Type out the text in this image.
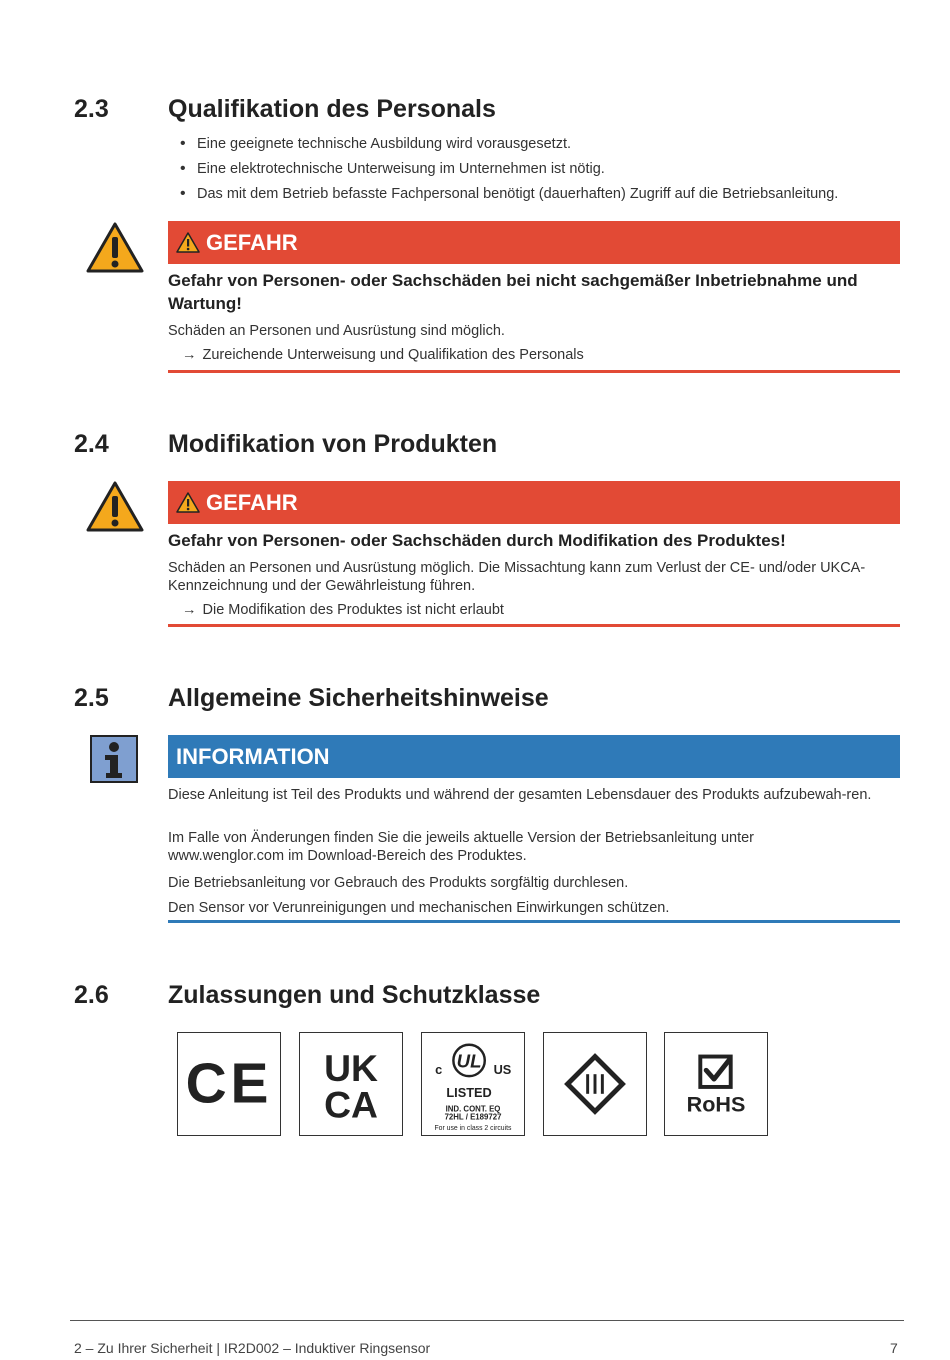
2.3 Qualifikation des Personals
• Eine geeignete technische Ausbildung wird vorausgesetzt.
• Eine elektrotechnische Unterweisung im Unternehmen ist nötig.
• Das mit dem Betrieb befasste Fachpersonal benötigt (dauerhaften) Zugriff auf die Betriebsanleitung.
GEFAHR
Gefahr von Personen- oder Sachschäden bei nicht sachgemäßer Inbetriebnahme und Wartung!
Schäden an Personen und Ausrüstung sind möglich.
→ Zureichende Unterweisung und Qualifikation des Personals
2.4 Modifikation von Produkten
GEFAHR
Gefahr von Personen- oder Sachschäden durch Modifikation des Produktes!
Schäden an Personen und Ausrüstung möglich. Die Missachtung kann zum Verlust der CE- und/oder UKCA-Kennzeichnung und der Gewährleistung führen.
→ Die Modifikation des Produktes ist nicht erlaubt
2.5 Allgemeine Sicherheitshinweise
INFORMATION
Diese Anleitung ist Teil des Produkts und während der gesamten Lebensdauer des Produkts aufzubewah-ren.
Im Falle von Änderungen finden Sie die jeweils aktuelle Version der Betriebsanleitung unter www.wenglor.com im Download-Bereich des Produktes.
Die Betriebsanleitung vor Gebrauch des Produkts sorgfältig durchlesen.
Den Sensor vor Verunreinigungen und mechanischen Einwirkungen schützen.
2.6 Zulassungen und Schutzklasse
CE UK
CA
UL
c	US
LISTED
IND. CONT. EQ
72HL / E189727
For use in class 2 circuits
RoHS
2 – Zu Ihrer Sicherheit | IR2D002 – Induktiver Ringsensor	7
